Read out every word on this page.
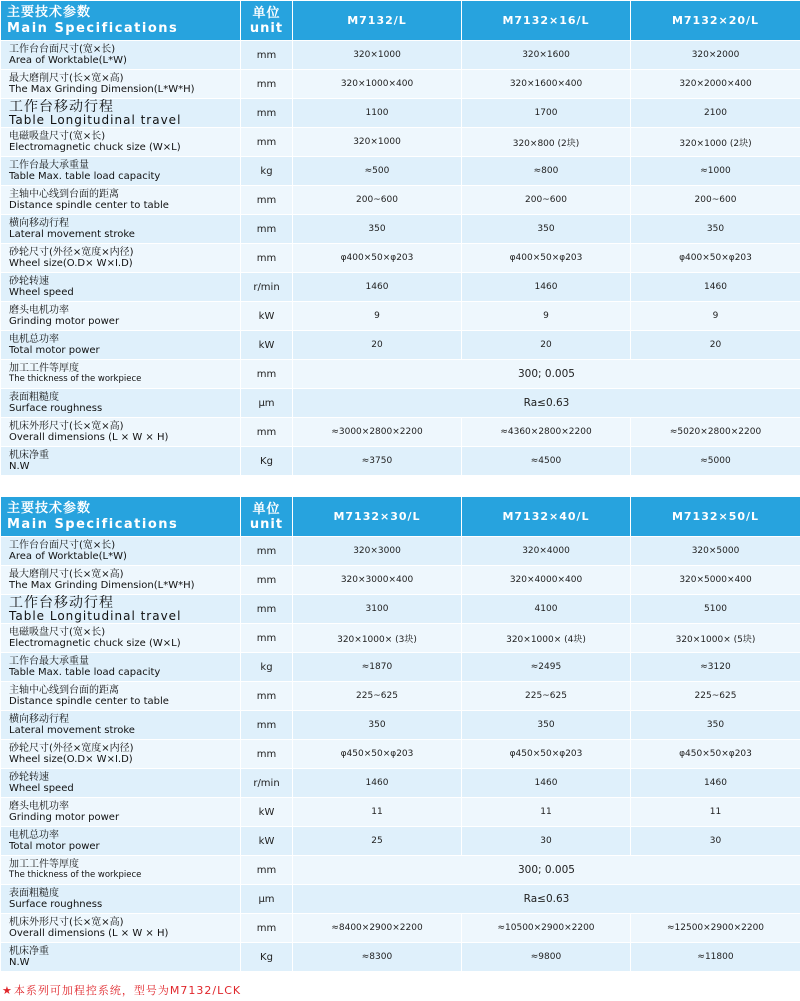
主要技术参数
Main Specifications	单位
unit	M7132/L	M7132×16/L	M7132×20/L

工作台台面尺寸(宽×长)
Area of Worktable(L*W)	mm	320×1000	320×1600	320×2000

最大磨削尺寸(长×宽×高)
The Max Grinding Dimension(L*W*H)	mm	320×1000×400	320×1600×400	320×2000×400

工作台移动行程
Table Longitudinal travel	mm	1100	1700	2100

电磁吸盘尺寸(宽×长)
Electromagnetic chuck size (W×L)	mm	320×1000	320×800 (2块)	320×1000 (2块)

工作台最大承重量
Table Max. table load capacity	kg	≈500	≈800	≈1000

主轴中心线到台面的距离
Distance spindle center to table	mm	200~600	200~600	200~600

横向移动行程
Lateral movement stroke	mm	350	350	350

砂轮尺寸(外径×宽度×内径)
Wheel size(O.D× W×I.D)	mm	φ400×50×φ203	φ400×50×φ203	φ400×50×φ203

砂轮转速
Wheel speed	r/min	1460	1460	1460

磨头电机功率
Grinding motor power	kW	9	9	9

电机总功率
Total motor power	kW	20	20	20

加工工件等厚度
The thickness of the workpiece	mm	300; 0.005		

表面粗糙度
Surface roughness	μm	Ra≤0.63		

机床外形尺寸(长×宽×高)
Overall dimensions (L × W × H)	mm	≈3000×2800×2200	≈4360×2800×2200	≈5020×2800×2200

机床净重
N.W	Kg	≈3750	≈4500	≈5000
主要技术参数
Main Specifications	单位
unit	M7132×30/L	M7132×40/L	M7132×50/L

工作台台面尺寸(宽×长)
Area of Worktable(L*W)	mm	320×3000	320×4000	320×5000

最大磨削尺寸(长×宽×高)
The Max Grinding Dimension(L*W*H)	mm	320×3000×400	320×4000×400	320×5000×400

工作台移动行程
Table Longitudinal travel	mm	3100	4100	5100

电磁吸盘尺寸(宽×长)
Electromagnetic chuck size (W×L)	mm	320×1000× (3块)	320×1000× (4块)	320×1000× (5块)

工作台最大承重量
Table Max. table load capacity	kg	≈1870	≈2495	≈3120

主轴中心线到台面的距离
Distance spindle center to table	mm	225~625	225~625	225~625

横向移动行程
Lateral movement stroke	mm	350	350	350

砂轮尺寸(外径×宽度×内径)
Wheel size(O.D× W×I.D)	mm	φ450×50×φ203	φ450×50×φ203	φ450×50×φ203

砂轮转速
Wheel speed	r/min	1460	1460	1460

磨头电机功率
Grinding motor power	kW	11	11	11

电机总功率
Total motor power	kW	25	30	30

加工工件等厚度
The thickness of the workpiece	mm	300; 0.005		

表面粗糙度
Surface roughness	μm	Ra≤0.63		

机床外形尺寸(长×宽×高)
Overall dimensions (L × W × H)	mm	≈8400×2900×2200	≈10500×2900×2200	≈12500×2900×2200

机床净重
N.W	Kg	≈8300	≈9800	≈11800
★本系列可加程控系统，型号为M7132/LCK
